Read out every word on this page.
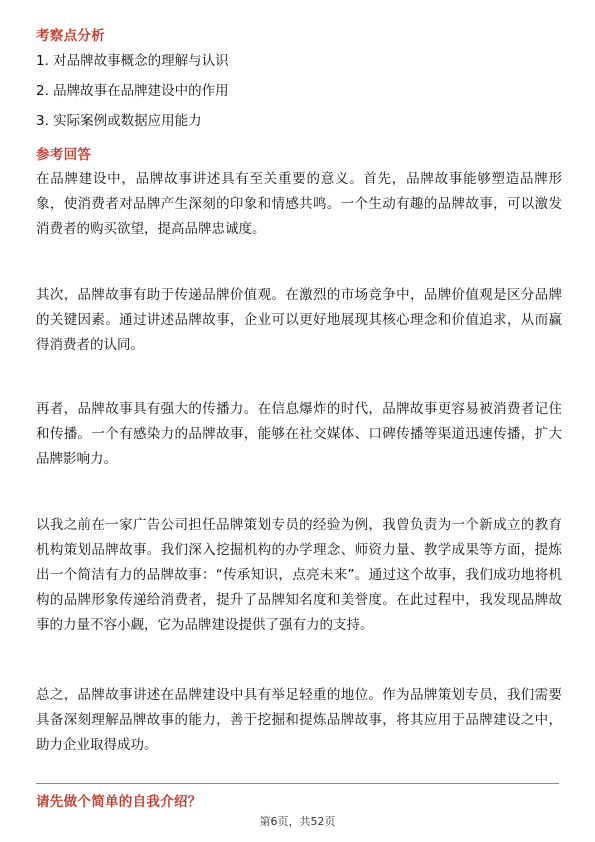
考察点分析
1. 对品牌故事概念的理解与认识
2. 品牌故事在品牌建设中的作用
3. 实际案例或数据应用能力
参考回答

在品牌建设中，品牌故事讲述具有至关重要的意义。首先，品牌故事能够塑造品牌形象，使消费者对品牌产生深刻的印象和情感共鸣。一个生动有趣的品牌故事，可以激发消费者的购买欲望，提高品牌忠诚度。

其次，品牌故事有助于传递品牌价值观。在激烈的市场竞争中，品牌价值观是区分品牌的关键因素。通过讲述品牌故事，企业可以更好地展现其核心理念和价值追求，从而赢得消费者的认同。

再者，品牌故事具有强大的传播力。在信息爆炸的时代，品牌故事更容易被消费者记住和传播。一个有感染力的品牌故事，能够在社交媒体、口碑传播等渠道迅速传播，扩大品牌影响力。

以我之前在一家广告公司担任品牌策划专员的经验为例，我曾负责为一个新成立的教育机构策划品牌故事。我们深入挖掘机构的办学理念、师资力量、教学成果等方面，提炼出一个简洁有力的品牌故事：“传承知识，点亮未来”。通过这个故事，我们成功地将机构的品牌形象传递给消费者，提升了品牌知名度和美誉度。在此过程中，我发现品牌故事的力量不容小觑，它为品牌建设提供了强有力的支持。

总之，品牌故事讲述在品牌建设中具有举足轻重的地位。作为品牌策划专员，我们需要具备深刻理解品牌故事的能力，善于挖掘和提炼品牌故事，将其应用于品牌建设之中，助力企业取得成功。

请先做个简单的自我介绍？
第6页，共52页
